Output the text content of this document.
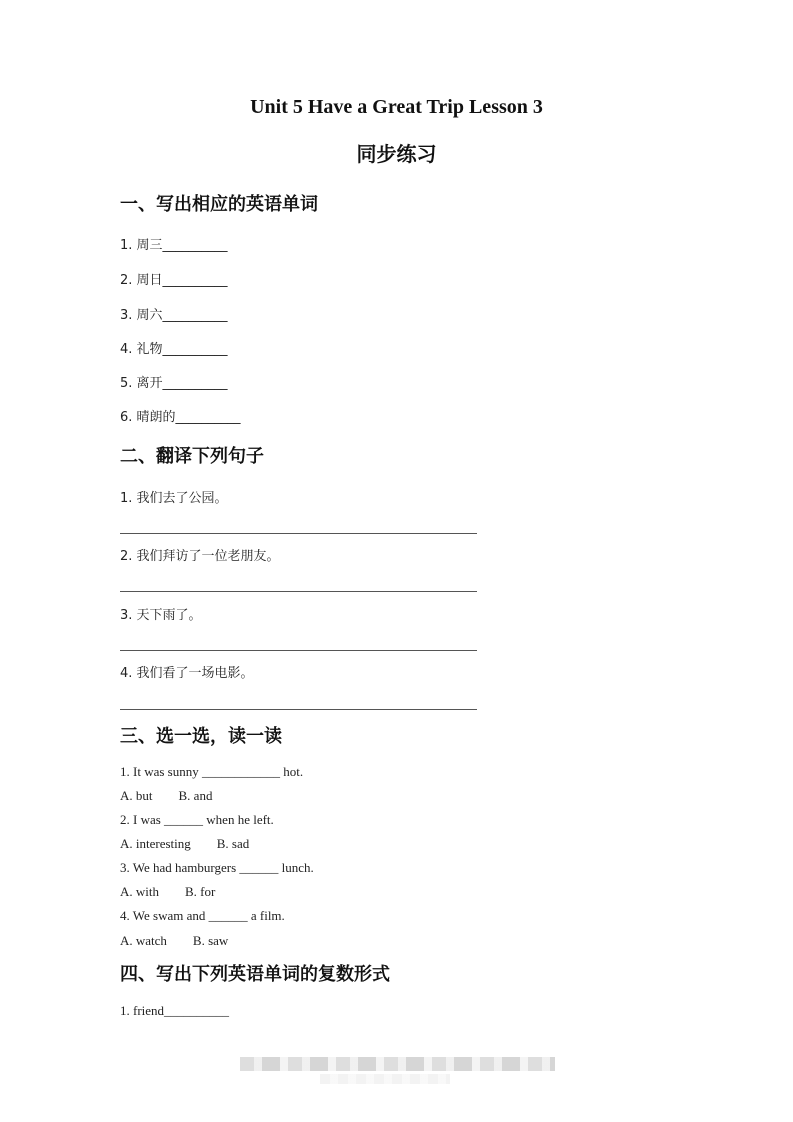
Unit 5 Have a Great Trip Lesson 3
同步练习
一、写出相应的英语单词
1. 周三__________
2. 周日__________
3. 周六__________
4. 礼物__________
5. 离开__________
6. 晴朗的__________
二、翻译下列句子
1. 我们去了公园。
2. 我们拜访了一位老朋友。
3. 天下雨了。
4. 我们看了一场电影。
三、选一选，读一读
1. It was sunny ____________ hot.
A. but        B. and
2. I was ______ when he left.
A. interesting        B. sad
3. We had hamburgers ______ lunch.
A. with        B. for
4. We swam and ______ a film.
A. watch        B. saw
四、写出下列英语单词的复数形式
1. friend__________
